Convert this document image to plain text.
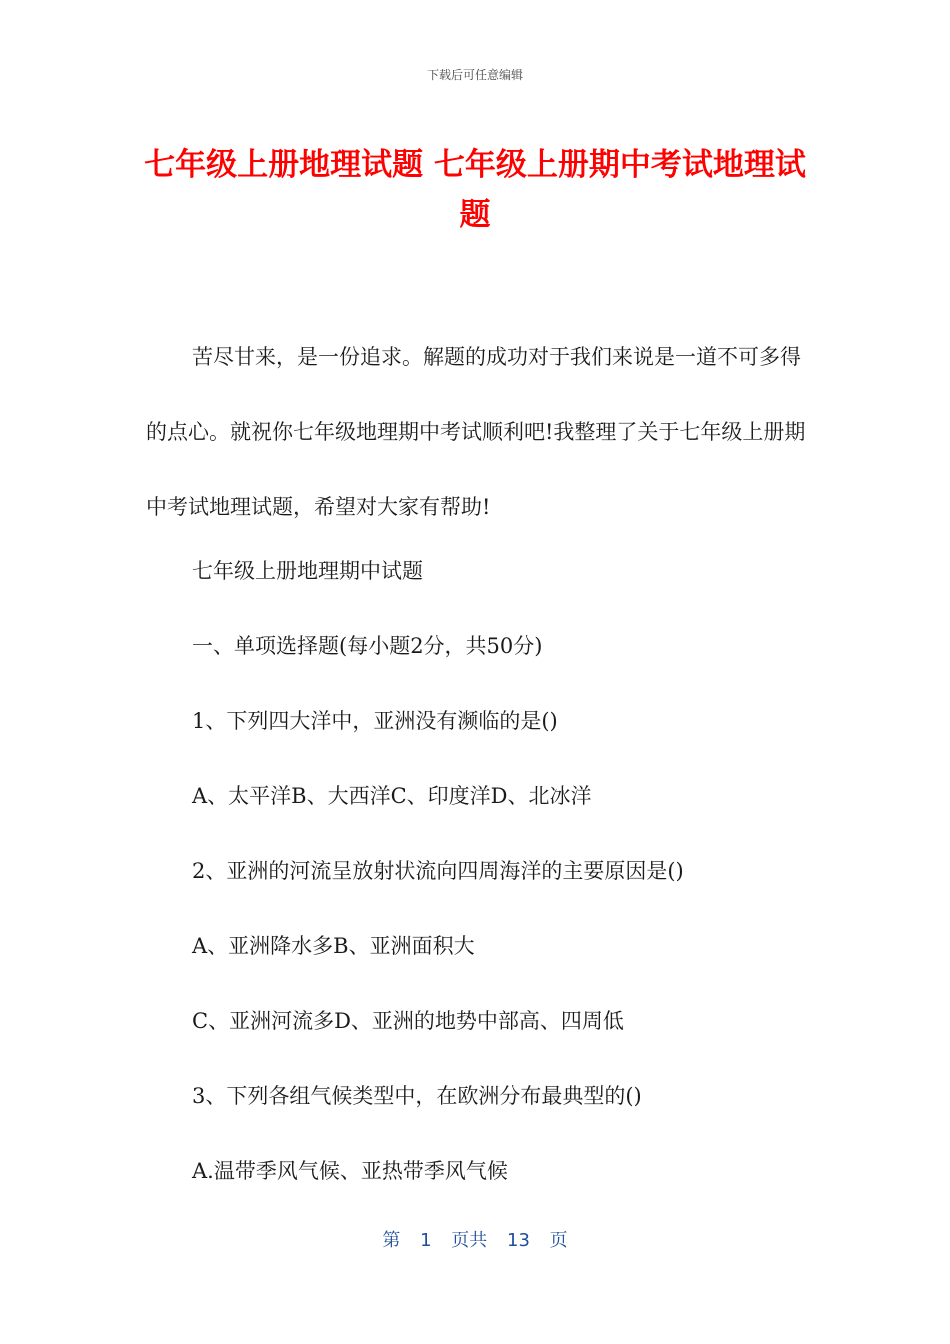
下载后可任意编辑
七年级上册地理试题 七年级上册期中考试地理试题
苦尽甘来，是一份追求。解题的成功对于我们来说是一道不可多得的点心。就祝你七年级地理期中考试顺利吧!我整理了关于七年级上册期中考试地理试题，希望对大家有帮助!
七年级上册地理期中试题
一、单项选择题(每小题2分，共50分)
1、下列四大洋中，亚洲没有濒临的是()
A、太平洋B、大西洋C、印度洋D、北冰洋
2、亚洲的河流呈放射状流向四周海洋的主要原因是()
A、亚洲降水多B、亚洲面积大
C、亚洲河流多D、亚洲的地势中部高、四周低
3、下列各组气候类型中，在欧洲分布最典型的()
A.温带季风气候、亚热带季风气候
第 1 页共 13 页
